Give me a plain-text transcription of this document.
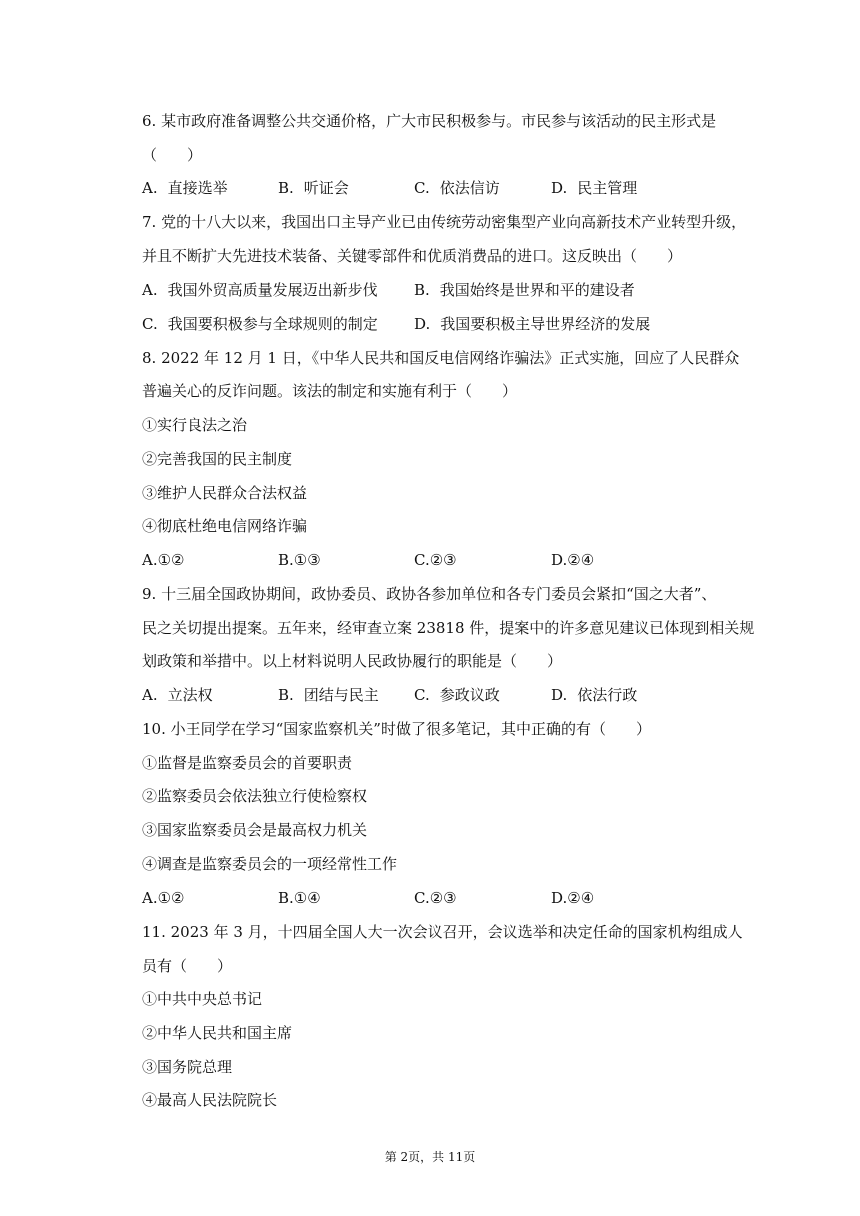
6. 某市政府准备调整公共交通价格，广大市民积极参与。市民参与该活动的民主形式是
（　　）
A. 直接选举	B. 听证会	C. 依法信访	D. 民主管理
7. 党的十八大以来，我国出口主导产业已由传统劳动密集型产业向高新技术产业转型升级，
并且不断扩大先进技术装备、关键零部件和优质消费品的进口。这反映出（　　）
A. 我国外贸高质量发展迈出新步伐 B. 我国始终是世界和平的建设者
C. 我国要积极参与全球规则的制定 D. 我国要积极主导世界经济的发展
8. 2022 年 12 月 1 日，《中华人民共和国反电信网络诈骗法》正式实施，回应了人民群众
普遍关心的反诈问题。该法的制定和实施有利于（　　）
①实行良法之治
②完善我国的民主制度
③维护人民群众合法权益
④彻底杜绝电信网络诈骗
A.①②	B.①③	C.②③	D.②④
9. 十三届全国政协期间，政协委员、政协各参加单位和各专门委员会紧扣“国之大者”、
民之关切提出提案。五年来，经审查立案 23818 件，提案中的许多意见建议已体现到相关规
划政策和举措中。以上材料说明人民政协履行的职能是（　　）
A. 立法权	B. 团结与民主 C. 参政议政	D. 依法行政
10. 小王同学在学习“国家监察机关”时做了很多笔记，其中正确的有（　　）
①监督是监察委员会的首要职责
②监察委员会依法独立行使检察权
③国家监察委员会是最高权力机关
④调查是监察委员会的一项经常性工作
A.①②	B.①④	C.②③	D.②④
11. 2023 年 3 月，十四届全国人大一次会议召开，会议选举和决定任命的国家机构组成人
员有（　　）
①中共中央总书记
②中华人民共和国主席
③国务院总理
④最高人民法院院长
第 2页，共 11页
